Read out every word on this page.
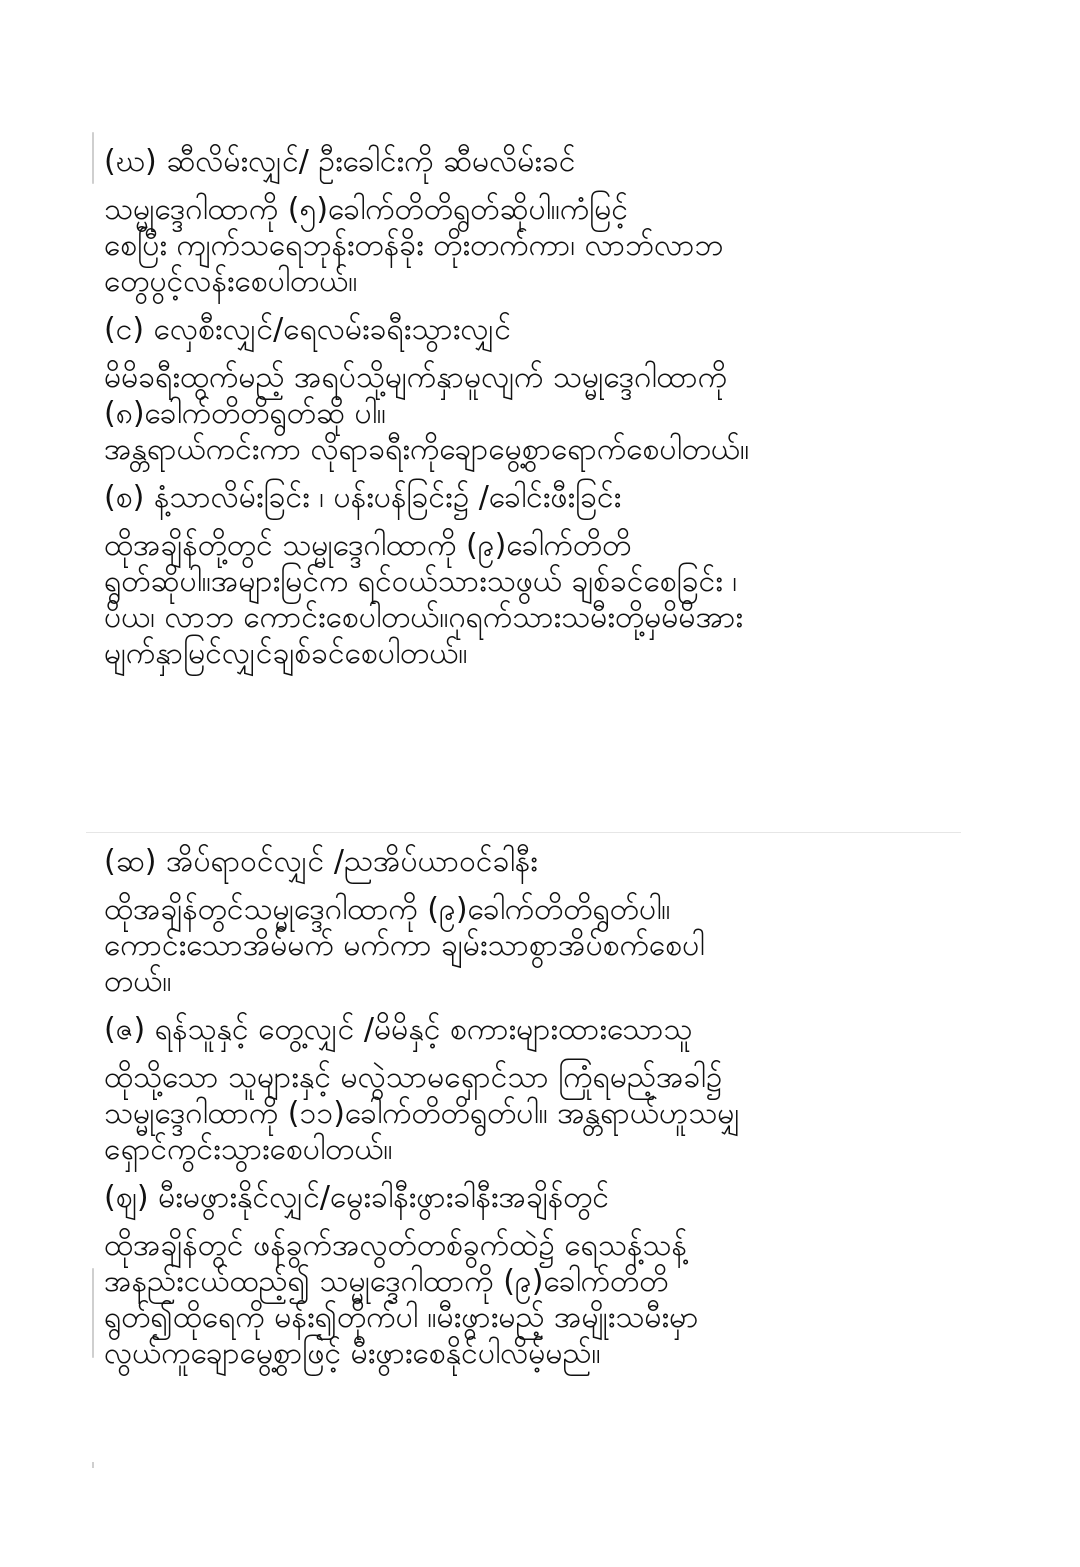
(ဃ) ဆီလိမ်းလျှင်/ ဦးခေါင်းကို ဆီမလိမ်းခင်

သမ္မုဒ္ဒေဂါထာကို (၅)ခေါက်တိတိရွတ်ဆိုပါ။ကံမြင့်

စေပြီး ကျက်သရေဘုန်းတန်ခိုး တိုးတက်ကာ၊ လာဘ်လာဘ

တွေပွင့်လန်းစေပါတယ်။

(င) လှေစီးလျှင်/ရေလမ်းခရီးသွားလျှင်

မိမိခရီးထွက်မည့် အရပ်သို့မျက်နှာမူလျက် သမ္မုဒ္ဒေဂါထာကို

(၈)ခေါက်တိတိရွတ်ဆို ပါ။

အန္တရာယ်ကင်းကာ လိုရာခရီးကိုချောမွေ့စွာရောက်စေပါတယ်။

(စ) နံ့သာလိမ်းခြင်း ၊ ပန်းပန်ခြင်း၌ /ခေါင်းဖီးခြင်း

ထိုအချိန်တို့တွင် သမ္မုဒ္ဒေဂါထာကို (၉)ခေါက်တိတိ

ရွတ်ဆိုပါ။အများမြင်က ရင်ဝယ်သားသဖွယ် ချစ်ခင်စေခြင်း ၊

ပိယ၊ လာဘ ကောင်းစေပါတယ်။ဂုရက်သားသမီးတို့မှမိမိအား

မျက်နှာမြင်လျှင်ချစ်ခင်စေပါတယ်။

(ဆ) အိပ်ရာဝင်လျှင် /ညအိပ်ယာဝင်ခါနီး

ထိုအချိန်တွင်သမ္မုဒ္ဒေဂါထာကို (၉)ခေါက်တိတိရွတ်ပါ။

ကောင်းသောအိမ်မက် မက်ကာ ချမ်းသာစွာအိပ်စက်စေပါ

တယ်။

(ဇ) ရန်သူနှင့် တွေ့လျှင် /မိမိနှင့် စကားများထားသောသူ

ထိုသို့သော သူများနှင့် မလွဲသာမရှောင်သာ ကြုံရမည့်အခါ၌

သမ္မုဒ္ဒေဂါထာကို (၁၁)ခေါက်တိတိရွတ်ပါ။ အန္တရာယ်ဟူသမျှ

ရှောင်ကွင်းသွားစေပါတယ်။

(ဈ) မီးမဖွားနိုင်လျှင်/မွေးခါနီးဖွားခါနီးအချိန်တွင်

ထိုအချိန်တွင် ဖန်ခွက်အလွတ်တစ်ခွက်ထဲ၌ ရေသန့်သန့်

အနည်းငယ်ထည့်၍ သမ္မုဒ္ဒေဂါထာကို (၉)ခေါက်တိတိ

ရွတ်၍ထိုရေကို မန်း၍တိုက်ပါ ။မီးဖွားမည့် အမျိုးသမီးမှာ

လွယ်ကူချောမွေ့စွာဖြင့် မီးဖွားစေနိုင်ပါလိမ့်မည်။
